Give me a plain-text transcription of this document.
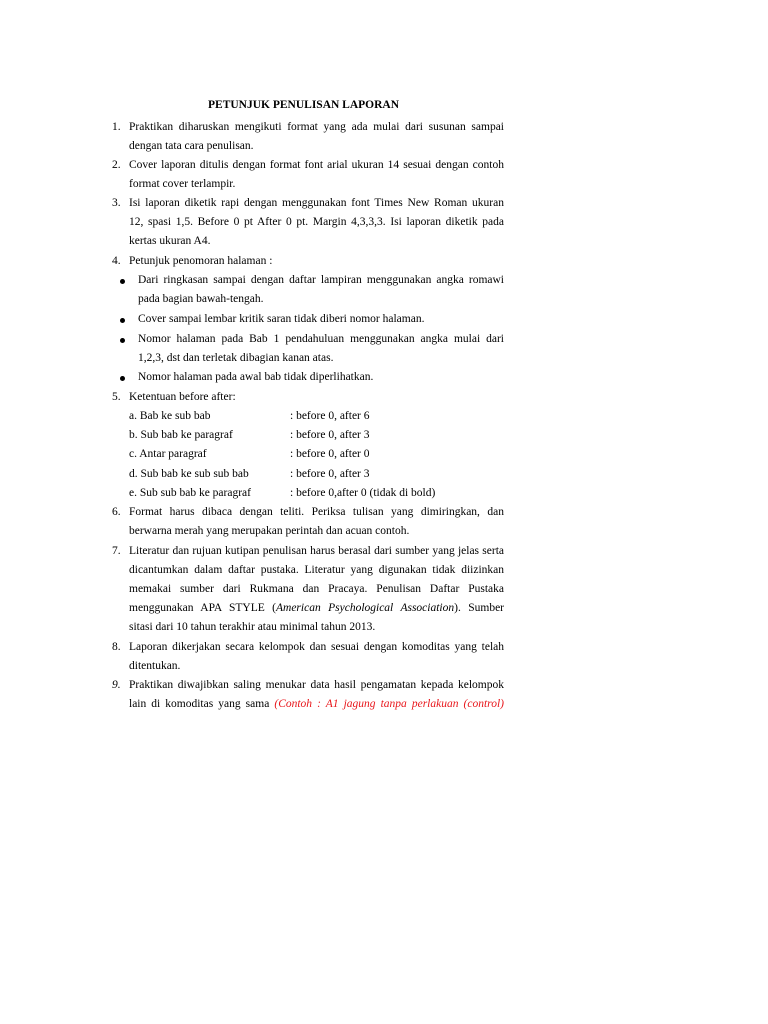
PETUNJUK PENULISAN LAPORAN
1. Praktikan diharuskan mengikuti format yang ada mulai dari susunan sampai
dengan tata cara penulisan.
2. Cover laporan ditulis dengan format font arial ukuran 14 sesuai dengan contoh
format cover terlampir.
3. Isi laporan diketik rapi dengan menggunakan font Times New Roman ukuran
12, spasi 1,5. Before 0 pt After 0 pt. Margin 4,3,3,3. Isi laporan diketik pada
kertas ukuran A4.
4. Petunjuk penomoran halaman :
Dari ringkasan sampai dengan daftar lampiran menggunakan angka romawi
pada bagian bawah-tengah.
Cover sampai lembar kritik saran tidak diberi nomor halaman.
Nomor halaman pada Bab 1 pendahuluan menggunakan angka mulai dari
1,2,3, dst dan terletak dibagian kanan atas.
Nomor halaman pada awal bab tidak diperlihatkan.
5. Ketentuan before after:
a. Bab ke sub bab	: before 0, after 6
b. Sub bab ke paragraf	: before 0, after 3
c. Antar paragraf	: before 0, after 0
d. Sub bab ke sub sub bab	: before 0, after 3
e. Sub sub bab ke paragraf	: before 0,after 0 (tidak di bold)
6. Format harus dibaca dengan teliti. Periksa tulisan yang dimiringkan, dan
berwarna merah yang merupakan perintah dan acuan contoh.
7. Literatur dan rujuan kutipan penulisan harus berasal dari sumber yang jelas serta
dicantumkan dalam daftar pustaka. Literatur yang digunakan tidak diizinkan
memakai sumber dari Rukmana dan Pracaya. Penulisan Daftar Pustaka
menggunakan APA STYLE (American Psychological Association). Sumber
sitasi dari 10 tahun terakhir atau minimal tahun 2013.
8. Laporan dikerjakan secara kelompok dan sesuai dengan komoditas yang telah
ditentukan.
9. Praktikan diwajibkan saling menukar data hasil pengamatan kepada kelompok
lain di komoditas yang sama (Contoh : A1 jagung tanpa perlakuan (control)
